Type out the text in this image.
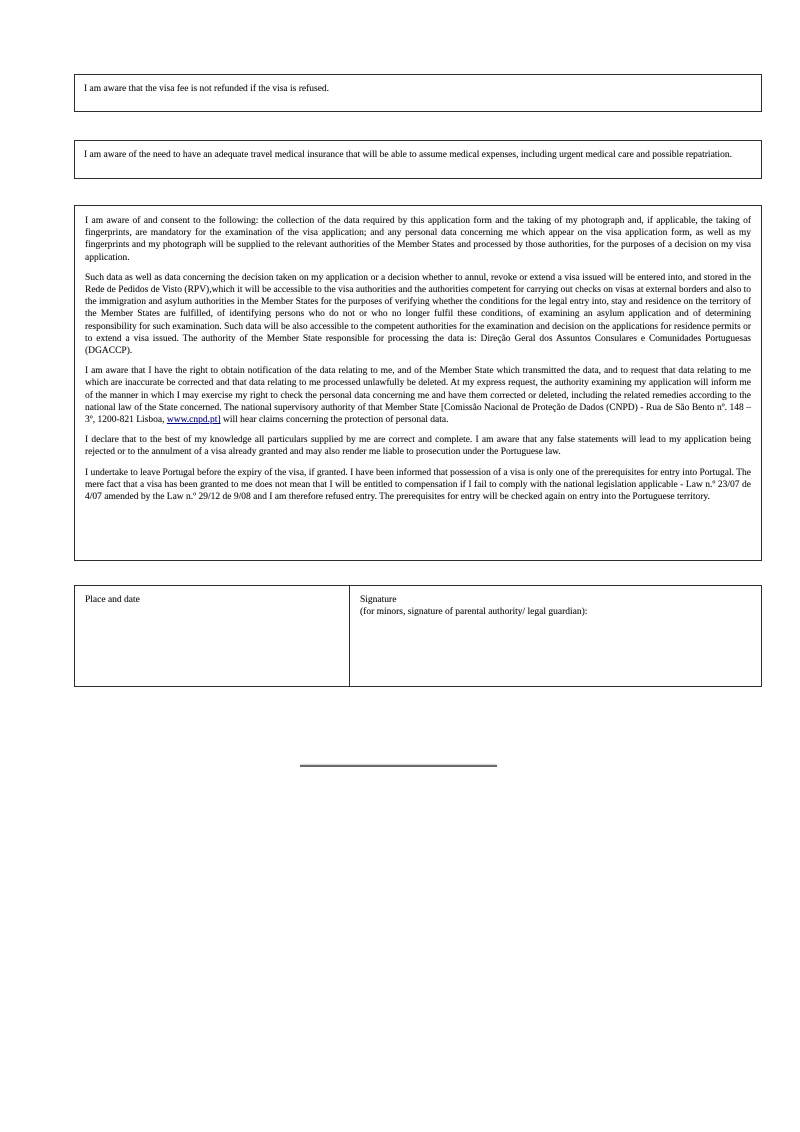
I am aware that the visa fee is not refunded if the visa is refused.
I am aware of the need to have an adequate travel medical insurance that will be able to assume medical expenses, including urgent medical care and possible repatriation.

I am aware of and consent to the following: the collection of the data required by this application form and the taking of my photograph and, if applicable, the taking of fingerprints, are mandatory for the examination of the visa application; and any personal data concerning me which appear on the visa application form, as well as my fingerprints and my photograph will be supplied to the relevant authorities of the Member States and processed by those authorities, for the purposes of a decision on my visa application.

Such data as well as data concerning the decision taken on my application or a decision whether to annul, revoke or extend a visa issued will be entered into, and stored in the Rede de Pedidos de Visto (RPV),which it will be accessible to the visa authorities and the authorities competent for carrying out checks on visas at external borders and also to the immigration and asylum authorities in the Member States for the purposes of verifying whether the conditions for the legal entry into, stay and residence on the territory of the Member States are fulfilled, of identifying persons who do not or who no longer fulfil these conditions, of examining an asylum application and of determining responsibility for such examination. Such data will be also accessible to the competent authorities for the examination and decision on the applications for residence permits or to extend a visa issued. The authority of the Member State responsible for processing the data is: Direção Geral dos Assuntos Consulares e Comunidades Portuguesas (DGACCP).

I am aware that I have the right to obtain notification of the data relating to me, and of the Member State which transmitted the data, and to request that data relating to me which are inaccurate be corrected and that data relating to me processed unlawfully be deleted. At my express request, the authority examining my application will inform me of the manner in which I may exercise my right to check the personal data concerning me and have them corrected or deleted, including the related remedies according to the national law of the State concerned. The national supervisory authority of that Member State [Comissão Nacional de Proteção de Dados (CNPD) - Rua de São Bento nº. 148 – 3º, 1200-821 Lisboa, www.cnpd.pt] will hear claims concerning the protection of personal data.

I declare that to the best of my knowledge all particulars supplied by me are correct and complete. I am aware that any false statements will lead to my application being rejected or to the annulment of a visa already granted and may also render me liable to prosecution under the Portuguese law.

I undertake to leave Portugal before the expiry of the visa, if granted. I have been informed that possession of a visa is only one of the prerequisites for entry into Portugal. The mere fact that a visa has been granted to me does not mean that I will be entitled to compensation if I fail to comply with the national legislation applicable - Law n.º 23/07 de 4/07 amended by the Law n.º 29/12 de 9/08 and I am therefore refused entry. The prerequisites for entry will be checked again on entry into the Portuguese territory.

Place and date	Signature
(for minors, signature of parental authority/ legal guardian):
